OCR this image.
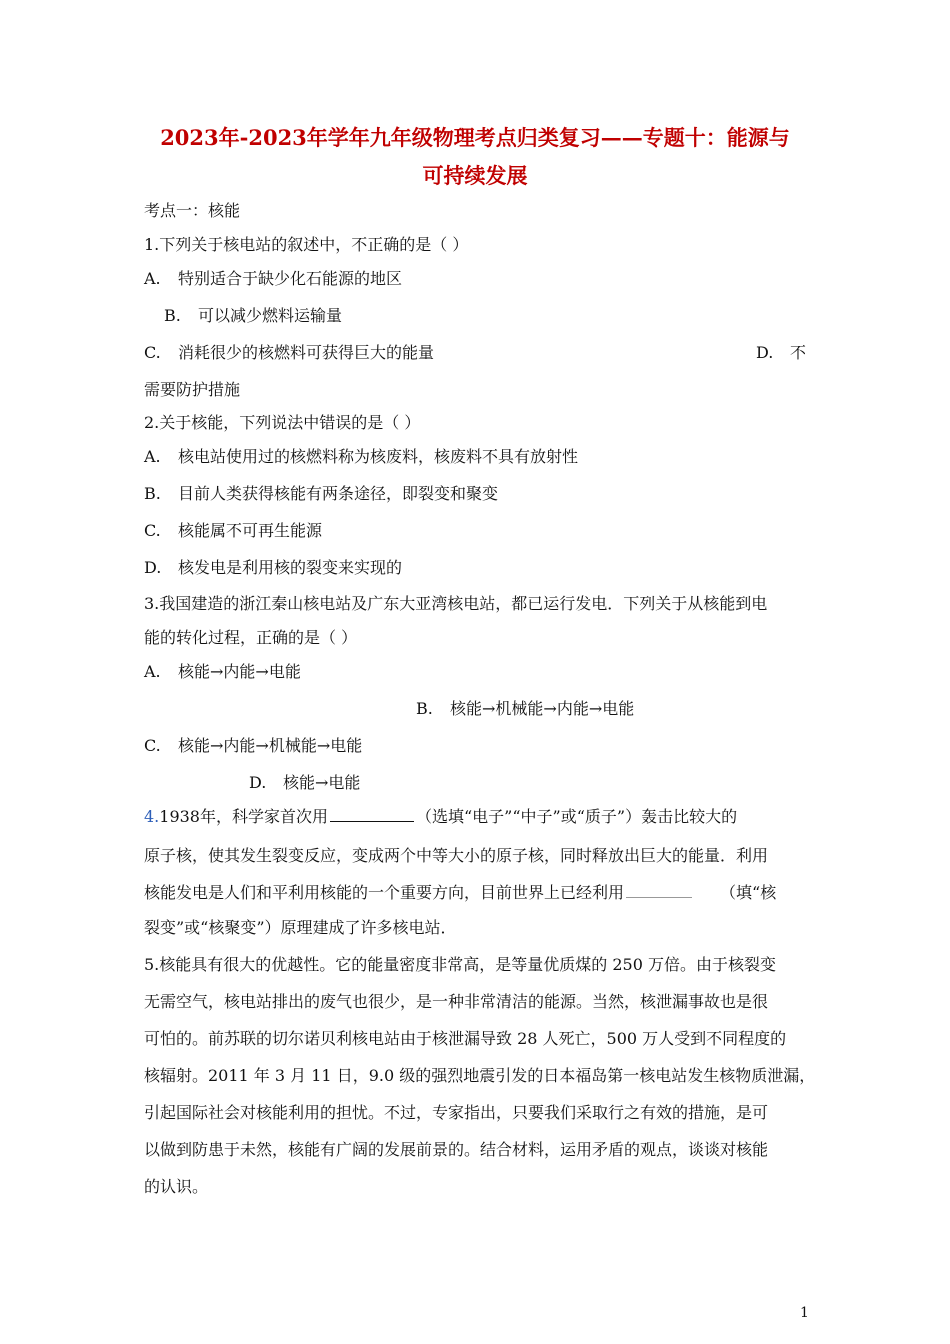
2023年-2023年学年九年级物理考点归类复习——专题十：能源与
可持续发展
考点一：核能
1.下列关于核电站的叙述中，不正确的是（ ）
A. 特别适合于缺少化石能源的地区
B. 可以减少燃料运输量
C. 消耗很少的核燃料可获得巨大的能量	D. 不
需要防护措施
2.关于核能，下列说法中错误的是（ ）
A. 核电站使用过的核燃料称为核废料，核废料不具有放射性
B. 目前人类获得核能有两条途径，即裂变和聚变
C. 核能属不可再生能源
D. 核发电是利用核的裂变来实现的
3.我国建造的浙江秦山核电站及广东大亚湾核电站，都已运行发电．下列关于从核能到电
能的转化过程，正确的是（ ）
A. 核能→内能→电能
B. 核能→机械能→内能→电能
C. 核能→内能→机械能→电能
D. 核能→电能
4.1938年，科学家首次用	（选填“电子”“中子”或“质子”）轰击比较大的
原子核，使其发生裂变反应，变成两个中等大小的原子核，同时释放出巨大的能量．利用
核能发电是人们和平利用核能的一个重要方向，目前世界上已经利用	（填“核
裂变”或“核聚变”）原理建成了许多核电站．
5.核能具有很大的优越性。它的能量密度非常高，是等量优质煤的 250 万倍。由于核裂变
无需空气，核电站排出的废气也很少，是一种非常清洁的能源。当然，核泄漏事故也是很
可怕的。前苏联的切尔诺贝利核电站由于核泄漏导致 28 人死亡，500 万人受到不同程度的
核辐射。2011 年 3 月 11 日，9.0 级的强烈地震引发的日本福岛第一核电站发生核物质泄漏，
引起国际社会对核能利用的担忧。不过，专家指出，只要我们采取行之有效的措施，是可
以做到防患于未然，核能有广阔的发展前景的。结合材料，运用矛盾的观点，谈谈对核能
的认识。
1
